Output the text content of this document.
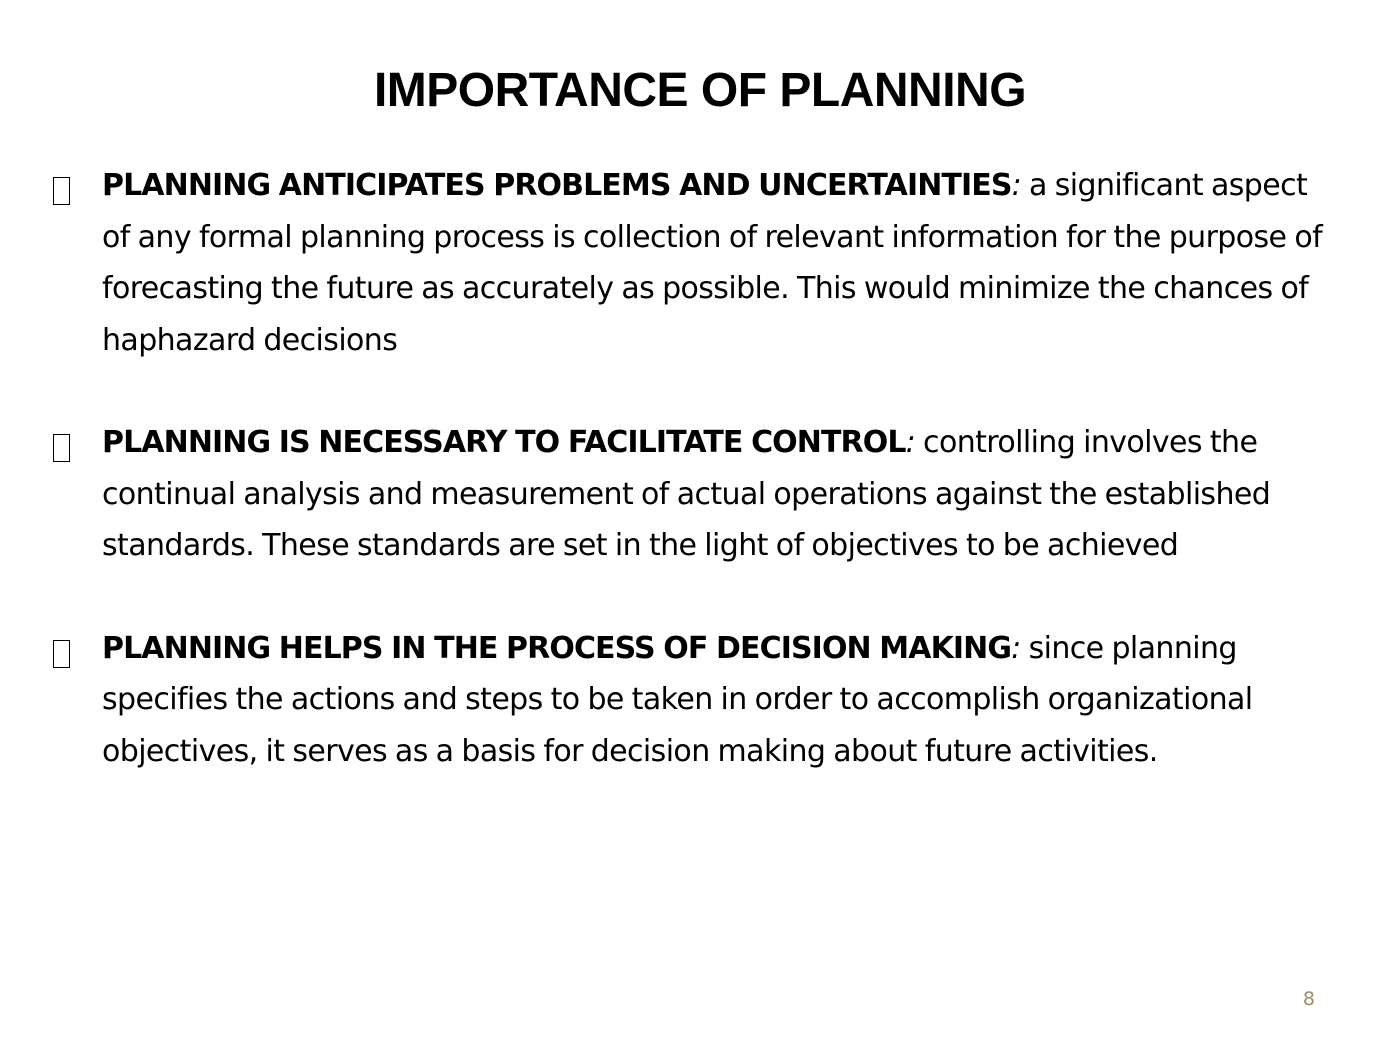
IMPORTANCE OF PLANNING
PLANNING ANTICIPATES PROBLEMS AND UNCERTAINTIES: a significant aspect of any formal planning process is collection of relevant information for the purpose of forecasting the future as accurately as possible. This would minimize the chances of haphazard decisions
PLANNING IS NECESSARY TO FACILITATE CONTROL: controlling involves the continual analysis and measurement of actual operations against the established standards. These standards are set in the light of objectives to be achieved
PLANNING HELPS IN THE PROCESS OF DECISION MAKING: since planning specifies the actions and steps to be taken in order to accomplish organizational objectives, it serves as a basis for decision making about future activities.
8
